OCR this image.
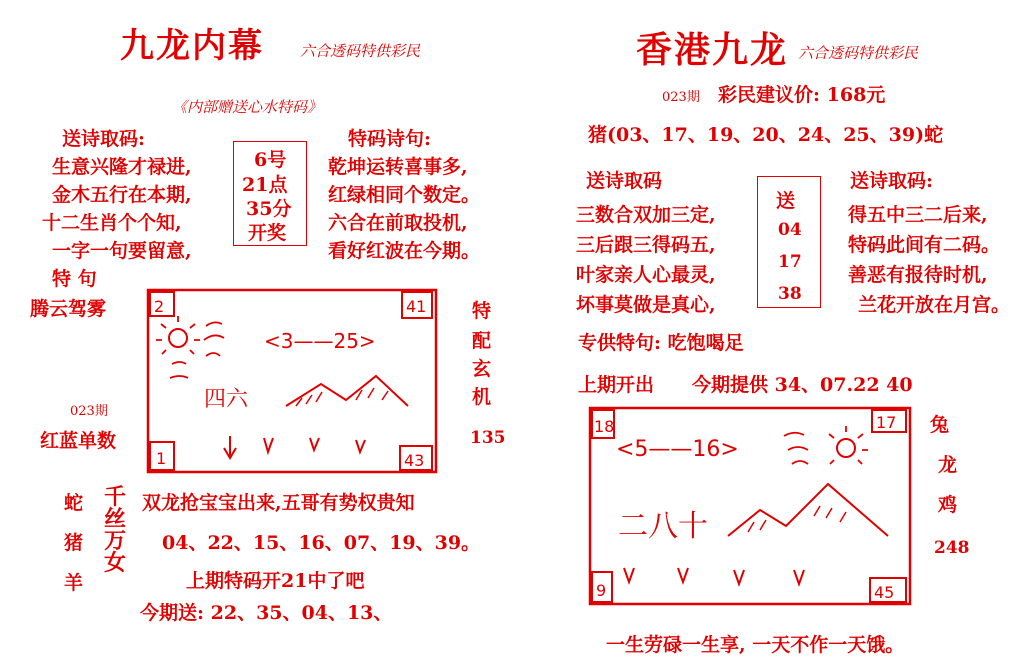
九龙内幕 六合透码特供彩民
《内部赠送心水特码》
送诗取码:
生意兴隆才禄进,
金木五行在本期,
十二生肖个个知,
一字一句要留意,
6号
21点
35分
开奖
特码诗句:
乾坤运转喜事多,
红绿相同个数定。
六合在前取投机,
看好红波在今期。
特 句
腾云驾雾	2	41
1	43
<3——25>
四六
特
配
玄
机
023期
红蓝单数	135
蛇
猪
羊
千
丝
万
女
双龙抢宝宝出来,五哥有势权贵知
04、22、15、16、07、19、39。
上期特码开21中了吧
今期送: 22、35、04、13、
香港九龙 六合透码特供彩民
023期 彩民建议价: 168元
猪(03、17、19、20、24、25、39)蛇
送诗取码
三数合双加三定,
三后跟三得码五,
叶家亲人心最灵,
坏事莫做是真心,
送
04
17
38
送诗取码:
得五中三二后来,
特码此间有二码。
善恶有报待时机,
兰花开放在月宫。
专供特句: 吃饱喝足
上期开出 今期提供 34、07.22 40
18	17
9	45
<5——16>
二八十
兔
龙
鸡
248
一生劳碌一生享, 一天不作一天饿。
